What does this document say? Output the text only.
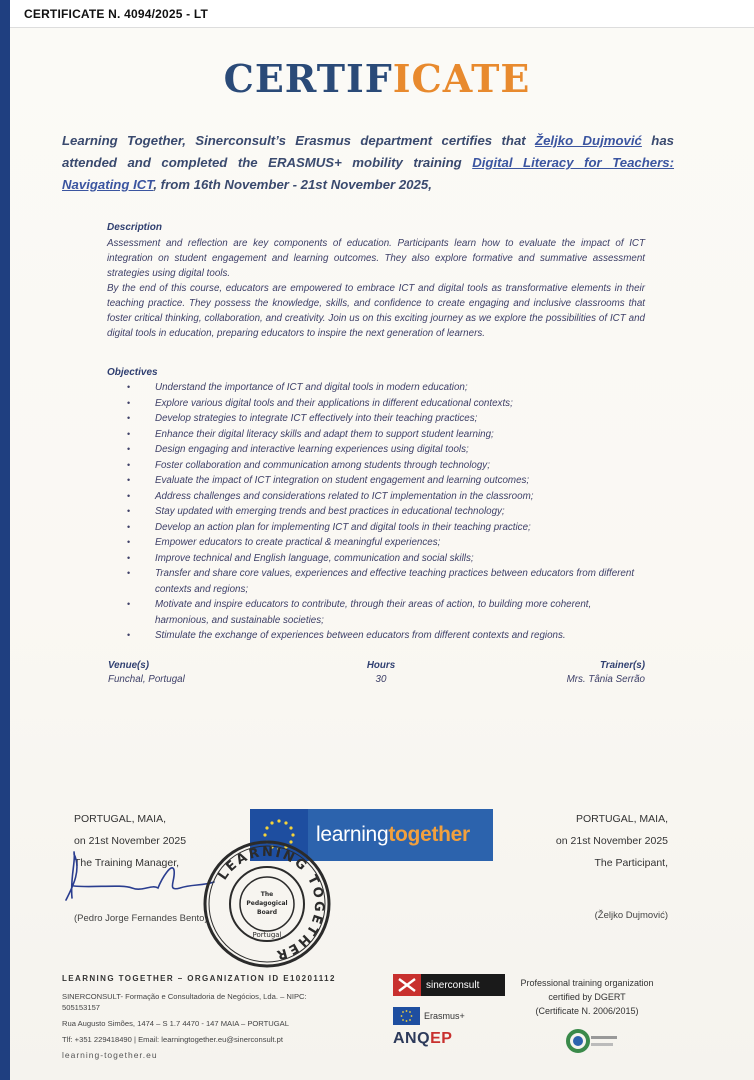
CERTIFICATE N. 4094/2025 - LT
CERTIFICATE
Learning Together, Sinerconsult’s Erasmus department certifies that Željko Dujmović has attended and completed the ERASMUS+ mobility training Digital Literacy for Teachers: Navigating ICT, from 16th November - 21st November 2025,
Description

Assessment and reflection are key components of education. Participants learn how to evaluate the impact of ICT integration on student engagement and learning outcomes. They also explore formative and summative assessment strategies using digital tools.

By the end of this course, educators are empowered to embrace ICT and digital tools as transformative elements in their teaching practice. They possess the knowledge, skills, and confidence to create engaging and inclusive classrooms that foster critical thinking, collaboration, and creativity. Join us on this exciting journey as we explore the possibilities of ICT and digital tools in education, preparing educators to inspire the next generation of learners.

Objectives
• Understand the importance of ICT and digital tools in modern education;
• Explore various digital tools and their applications in different educational contexts;
• Develop strategies to integrate ICT effectively into their teaching practices;
• Enhance their digital literacy skills and adapt them to support student learning;
• Design engaging and interactive learning experiences using digital tools;
• Foster collaboration and communication among students through technology;
• Evaluate the impact of ICT integration on student engagement and learning outcomes;
• Address challenges and considerations related to ICT implementation in the classroom;
• Stay updated with emerging trends and best practices in educational technology;
• Develop an action plan for implementing ICT and digital tools in their teaching practice;
• Empower educators to create practical & meaningful experiences;
• Improve technical and English language, communication and social skills;
• Transfer and share core values, experiences and effective teaching practices between educators from different contexts and regions;
• Motivate and inspire educators to contribute, through their areas of action, to building more coherent, harmonious, and sustainable societies;
• Stimulate the exchange of experiences between educators from different contexts and regions.
Venue(s)
Funchal, Portugal
Hours
30
Trainer(s)
Mrs. Tânia Serrão
PORTUGAL, MAIA,
on 21st November 2025
The Training Manager,
(Pedro Jorge Fernandes Bento)
PORTUGAL, MAIA,
on 21st November 2025
The Participant,
(Željko Dujmović)
learningtogether
LEARNING TOGETHER
The
Pedagogical
Board
Portugal
LEARNING TOGETHER – ORGANIZATION ID E10201112
SINERCONSULT- Formação e Consultadoria de Negócios, Lda. – NIPC:
505153157
Rua Augusto Simões, 1474 – S 1.7 4470 - 147 MAIA – PORTUGAL
Tlf: +351 229418490 | Email: learningtogether.eu@sinerconsult.pt
learning-together.eu
sinerconsult
Erasmus+
ANQEP
Professional training organization
certified by DGERT
(Certificate N. 2006/2015)
